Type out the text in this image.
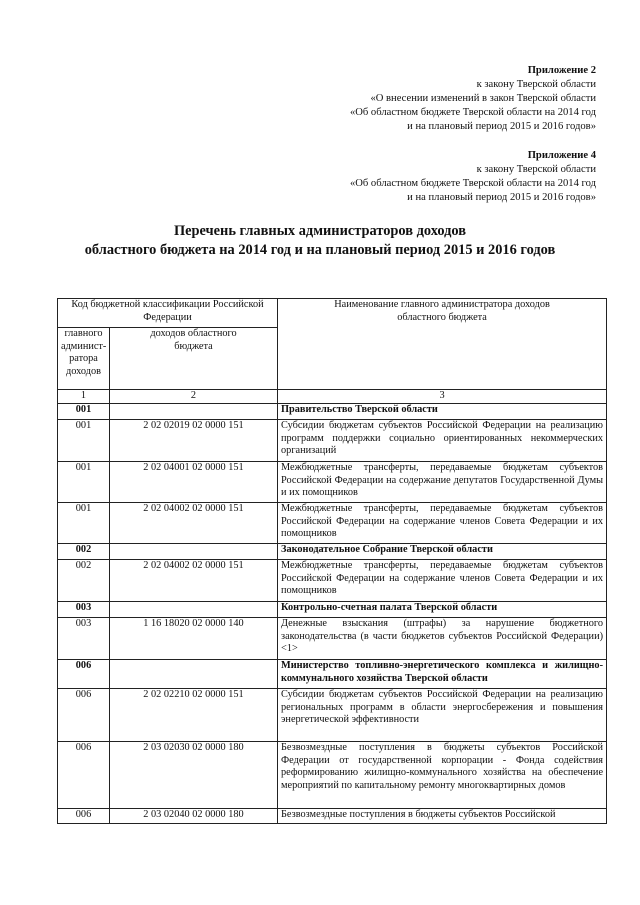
Приложение 2
к закону Тверской области
«О внесении изменений в закон Тверской области
«Об областном бюджете Тверской области на 2014 год
и на плановый период 2015 и 2016 годов»
Приложение 4
к закону Тверской области
«Об областном бюджете Тверской области на 2014 год
и на плановый период 2015 и 2016 годов»
Перечень главных администраторов доходов
областного бюджета на 2014 год и на плановый период 2015 и 2016 годов
Код бюджетной классификации Российской Федерации		Наименование главного администратора доходов областного бюджета
главного админист-ратора доходов	доходов областного бюджета	
1	2	3
001		Правительство Тверской области
001	2 02 02019 02 0000 151	Субсидии бюджетам субъектов Российской Федерации на реализацию программ поддержки социально ориентированных некоммерческих организаций
001	2 02 04001 02 0000 151	Межбюджетные трансферты, передаваемые бюджетам субъектов Российской Федерации на содержание депутатов Государственной Думы и их помощников
001	2 02 04002 02 0000 151	Межбюджетные трансферты, передаваемые бюджетам субъектов Российской Федерации на содержание членов Совета Федерации и их помощников
002		Законодательное Собрание Тверской области
002	2 02 04002 02 0000 151	Межбюджетные трансферты, передаваемые бюджетам субъектов Российской Федерации на содержание членов Совета Федерации и их помощников
003		Контрольно-счетная палата Тверской области
003	1 16 18020 02 0000 140	Денежные взыскания (штрафы) за нарушение бюджетного законодательства (в части бюджетов субъектов Российской Федерации) <1>
006		Министерство топливно-энергетического комплекса и жилищно-коммунального хозяйства Тверской области
006	2 02 02210 02 0000 151	Субсидии бюджетам субъектов Российской Федерации на реализацию региональных программ в области энергосбережения и повышения энергетической эффективности
006	2 03 02030 02 0000 180	Безвозмездные поступления в бюджеты субъектов Российской Федерации от государственной корпорации - Фонда содействия реформированию жилищно-коммунального хозяйства на обеспечение мероприятий по капитальному ремонту многоквартирных домов
006	2 03 02040 02 0000 180	Безвозмездные поступления в бюджеты субъектов Российской
